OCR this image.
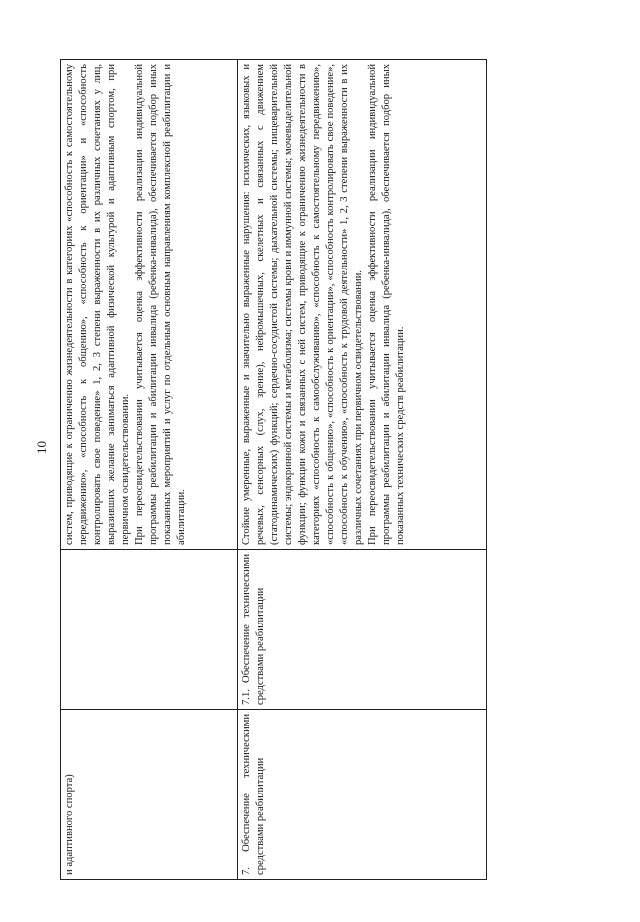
10
и адаптивного спорта)		систем, приводящие к ограничению жизнедеятельности в категориях «способность к самостоятельному передвижению», «способность к общению», «способность к ориентации» и «способность контролировать свое поведение» 1, 2, 3 степени выраженности в их различных сочетаниях у лиц, выразивших желание заниматься адаптивной физической культурой и адаптивным спортом, при первичном освидетельствовании. При переосвидетельствовании учитывается оценка эффективности реализации индивидуальной программы реабилитации и абилитации инвалида (ребенка-инвалида), обеспечивается подбор иных показанных мероприятий и услуг по отдельным основным направлениям комплексной реабилитации и абилитации.

7. Обеспечение техническими средствами реабилитации	7.1. Обеспечение техническими средствами реабилитации	Стойкие умеренные, выраженные и значительно выраженные нарушения: психических, языковых и речевых, сенсорных (слух, зрение), нейромышечных, скелетных и связанных с движением (статодинамических) функций; сердечно-сосудистой системы; дыхательной системы; пищеварительной системы; эндокринной системы и метаболизма; системы крови и иммунной системы; мочевыделительной функции; функции кожи и связанных с ней систем, приводящие к ограничению жизнедеятельности в категориях «способность к самообслуживанию», «способность к самостоятельному передвижению», «способность к общению», «способность к ориентации», «способность контролировать свое поведение», «способность к обучению», «способность к трудовой деятельности» 1, 2, 3 степени выраженности в их различных сочетаниях при первичном освидетельствовании. При переосвидетельствовании учитывается оценка эффективности реализации индивидуальной программы реабилитации и абилитации инвалида (ребенка-инвалида), обеспечивается подбор иных показанных технических средств реабилитации.
